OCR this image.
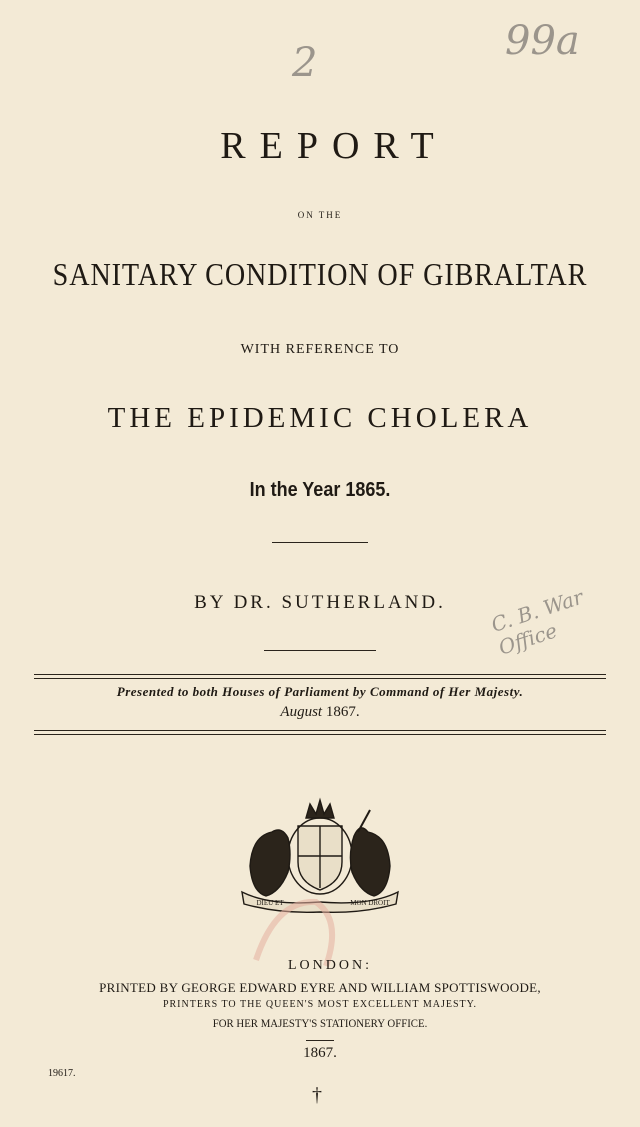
2	99a
C. B. War Office
REPORT

ON THE

SANITARY CONDITION OF GIBRALTAR

WITH REFERENCE TO

THE EPIDEMIC CHOLERA

In the Year 1865.

BY DR. SUTHERLAND.

Presented to both Houses of Parliament by Command of Her Majesty.

August 1867.

DIEU ET	MON DROIT

LONDON:

PRINTED BY GEORGE EDWARD EYRE AND WILLIAM SPOTTISWOODE,

PRINTERS TO THE QUEEN'S MOST EXCELLENT MAJESTY.

FOR HER MAJESTY'S STATIONERY OFFICE.

1867.

19617.
†
